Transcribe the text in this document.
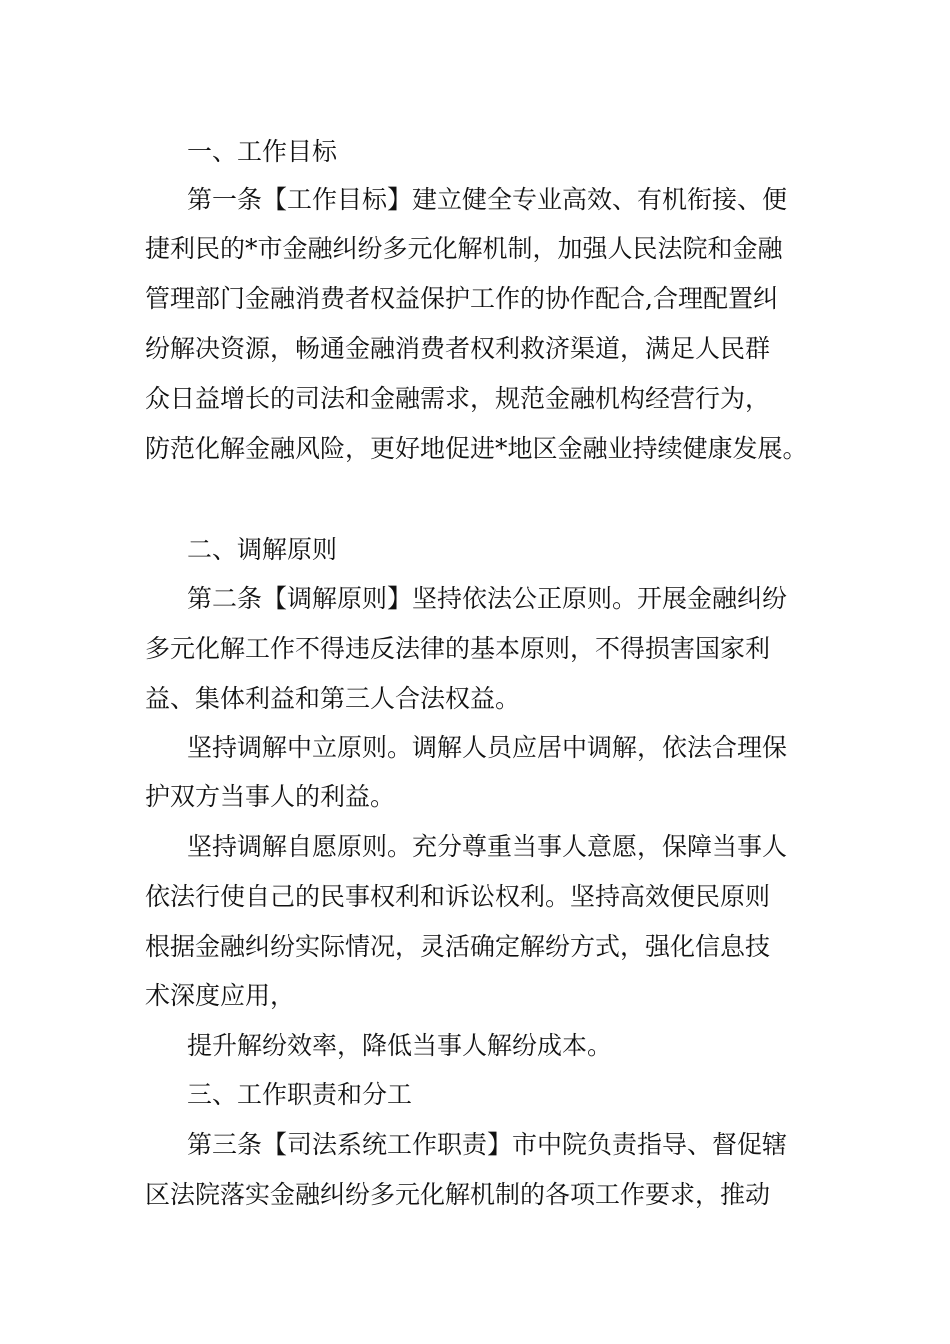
一、工作目标

第一条【工作目标】建立健全专业高效、有机衔接、便

捷利民的*市金融纠纷多元化解机制，加强人民法院和金融

管理部门金融消费者权益保护工作的协作配合,合理配置纠

纷解决资源，畅通金融消费者权利救济渠道，满足人民群

众日益增长的司法和金融需求，规范金融机构经营行为，

防范化解金融风险，更好地促进*地区金融业持续健康发展。

二、调解原则

第二条【调解原则】坚持依法公正原则。开展金融纠纷

多元化解工作不得违反法律的基本原则，不得损害国家利

益、集体利益和第三人合法权益。

坚持调解中立原则。调解人员应居中调解，依法合理保

护双方当事人的利益。

坚持调解自愿原则。充分尊重当事人意愿，保障当事人

依法行使自己的民事权利和诉讼权利。坚持高效便民原则

根据金融纠纷实际情况，灵活确定解纷方式，强化信息技

术深度应用，

提升解纷效率，降低当事人解纷成本。

三、工作职责和分工

第三条【司法系统工作职责】市中院负责指导、督促辖

区法院落实金融纠纷多元化解机制的各项工作要求，推动
